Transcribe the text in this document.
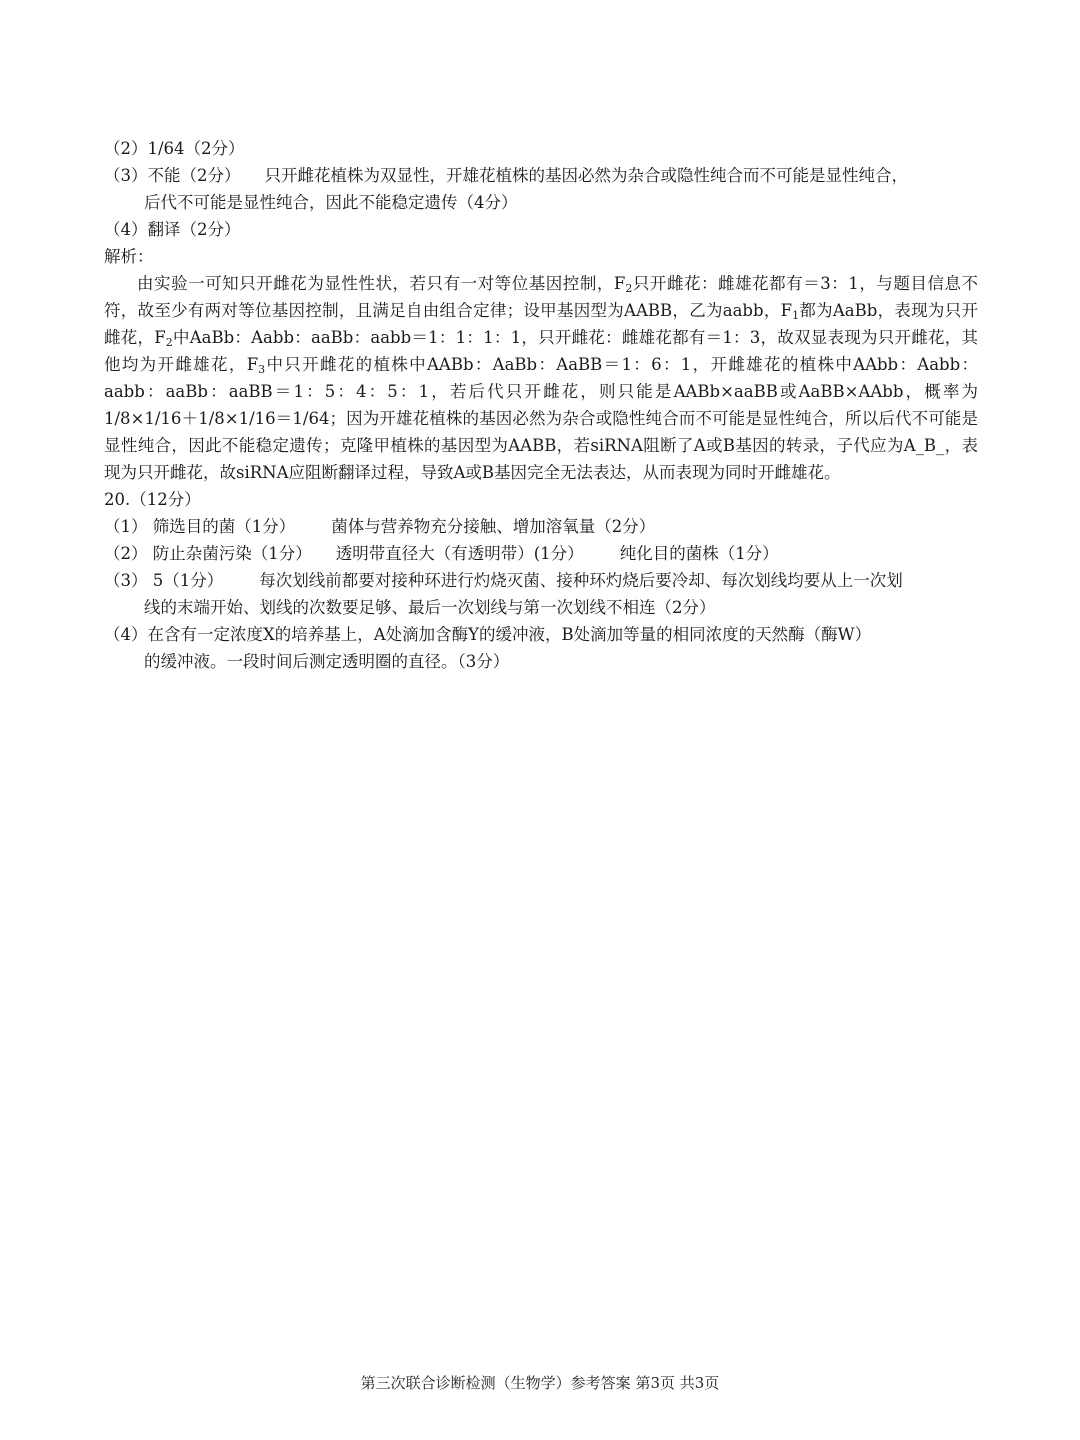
（2）1/64（2分）
（3）不能（2分） 只开雌花植株为双显性，开雄花植株的基因必然为杂合或隐性纯合而不可能是显性纯合，
后代不可能是显性纯合，因此不能稳定遗传（4分）
（4）翻译（2分）
解析：
由实验一可知只开雌花为显性性状，若只有一对等位基因控制，$F_2$只开雌花：雌雄花都有＝3：1，与题目信息不符，故至少有两对等位基因控制，且满足自由组合定律；设甲基因型为AABB，乙为aabb，$F_1$都为AaBb，表现为只开雌花，$F_2$中AaBb：Aabb：aaBb：aabb＝1：1：1：1，只开雌花：雌雄花都有＝1：3，故双显表现为只开雌花，其他均为开雌雄花，$F_3$中只开雌花的植株中AABb：AaBb：AaBB＝1：6：1，开雌雄花的植株中AAbb：Aabb：aabb：aaBb：aaBB＝1：5：4：5：1，若后代只开雌花，则只能是AABb×aaBB或AaBB×AAbb，概率为1/8×1/16＋1/8×1/16＝1/64；因为开雄花植株的基因必然为杂合或隐性纯合而不可能是显性纯合，所以后代不可能是显性纯合，因此不能稳定遗传；克隆甲植株的基因型为AABB，若siRNA阻断了A或B基因的转录，子代应为A_B_，表现为只开雌花，故siRNA应阻断翻译过程，导致A或B基因完全无法表达，从而表现为同时开雌雄花。
20.（12分）
（1） 筛选目的菌（1分） 菌体与营养物充分接触、增加溶氧量（2分）
（2） 防止杂菌污染（1分） 透明带直径大（有透明带）(1分） 纯化目的菌株（1分）
（3） 5（1分） 每次划线前都要对接种环进行灼烧灭菌、接种环灼烧后要冷却、每次划线均要从上一次划
线的末端开始、划线的次数要足够、最后一次划线与第一次划线不相连（2分）
（4）在含有一定浓度X的培养基上，A处滴加含酶Y的缓冲液，B处滴加等量的相同浓度的天然酶（酶W）
的缓冲液。一段时间后测定透明圈的直径。（3分）
第三次联合诊断检测（生物学）参考答案 第3页 共3页
